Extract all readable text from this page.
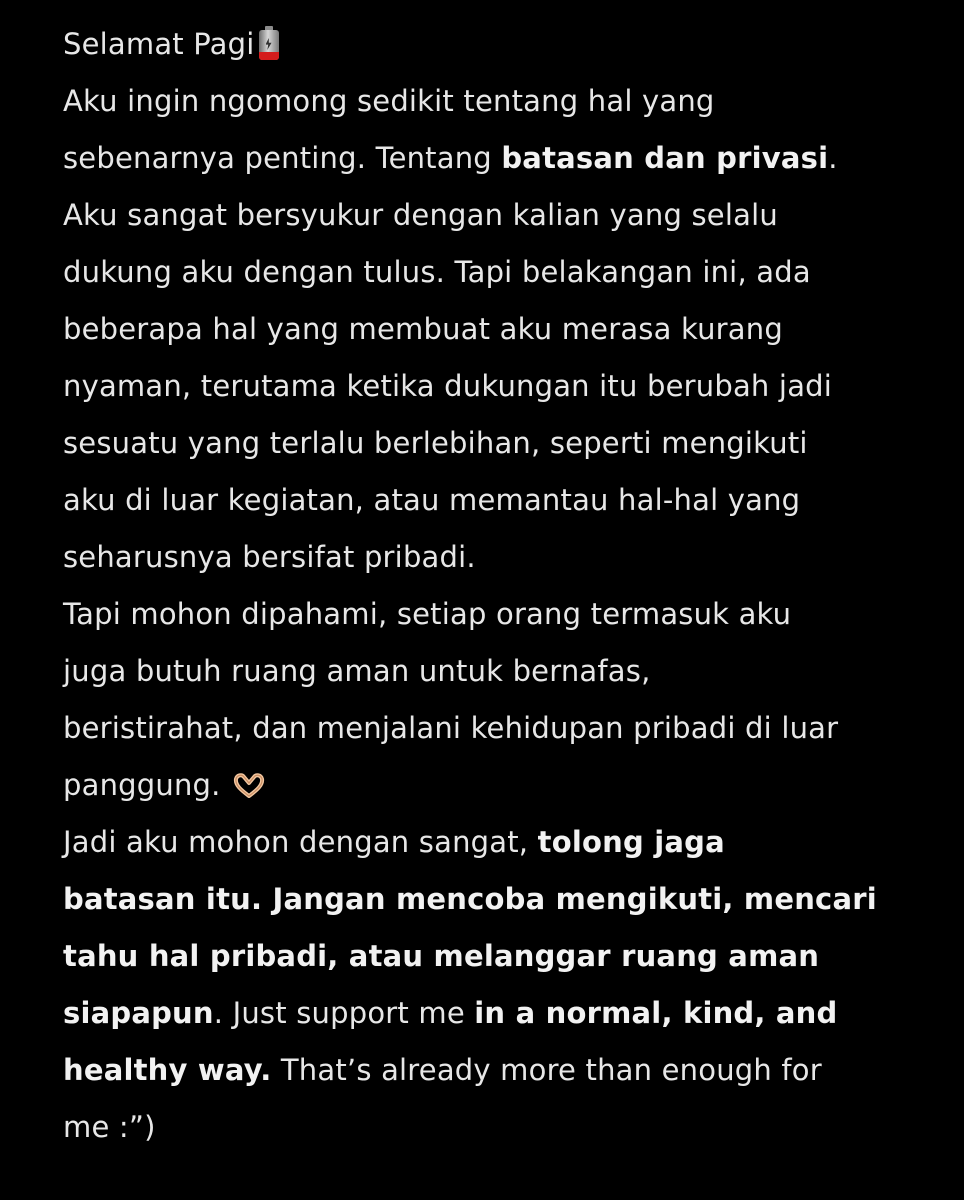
Selamat Pagi
Aku ingin ngomong sedikit tentang hal yang
sebenarnya penting. Tentang batasan dan privasi.
Aku sangat bersyukur dengan kalian yang selalu
dukung aku dengan tulus. Tapi belakangan ini, ada
beberapa hal yang membuat aku merasa kurang
nyaman, terutama ketika dukungan itu berubah jadi
sesuatu yang terlalu berlebihan, seperti mengikuti
aku di luar kegiatan, atau memantau hal-hal yang
seharusnya bersifat pribadi.
Tapi mohon dipahami, setiap orang termasuk aku
juga butuh ruang aman untuk bernafas,
beristirahat, dan menjalani kehidupan pribadi di luar
panggung.
Jadi aku mohon dengan sangat, tolong jaga
batasan itu. Jangan mencoba mengikuti, mencari
tahu hal pribadi, atau melanggar ruang aman
siapapun. Just support me in a normal, kind, and
healthy way. That’s already more than enough for
me :”)
